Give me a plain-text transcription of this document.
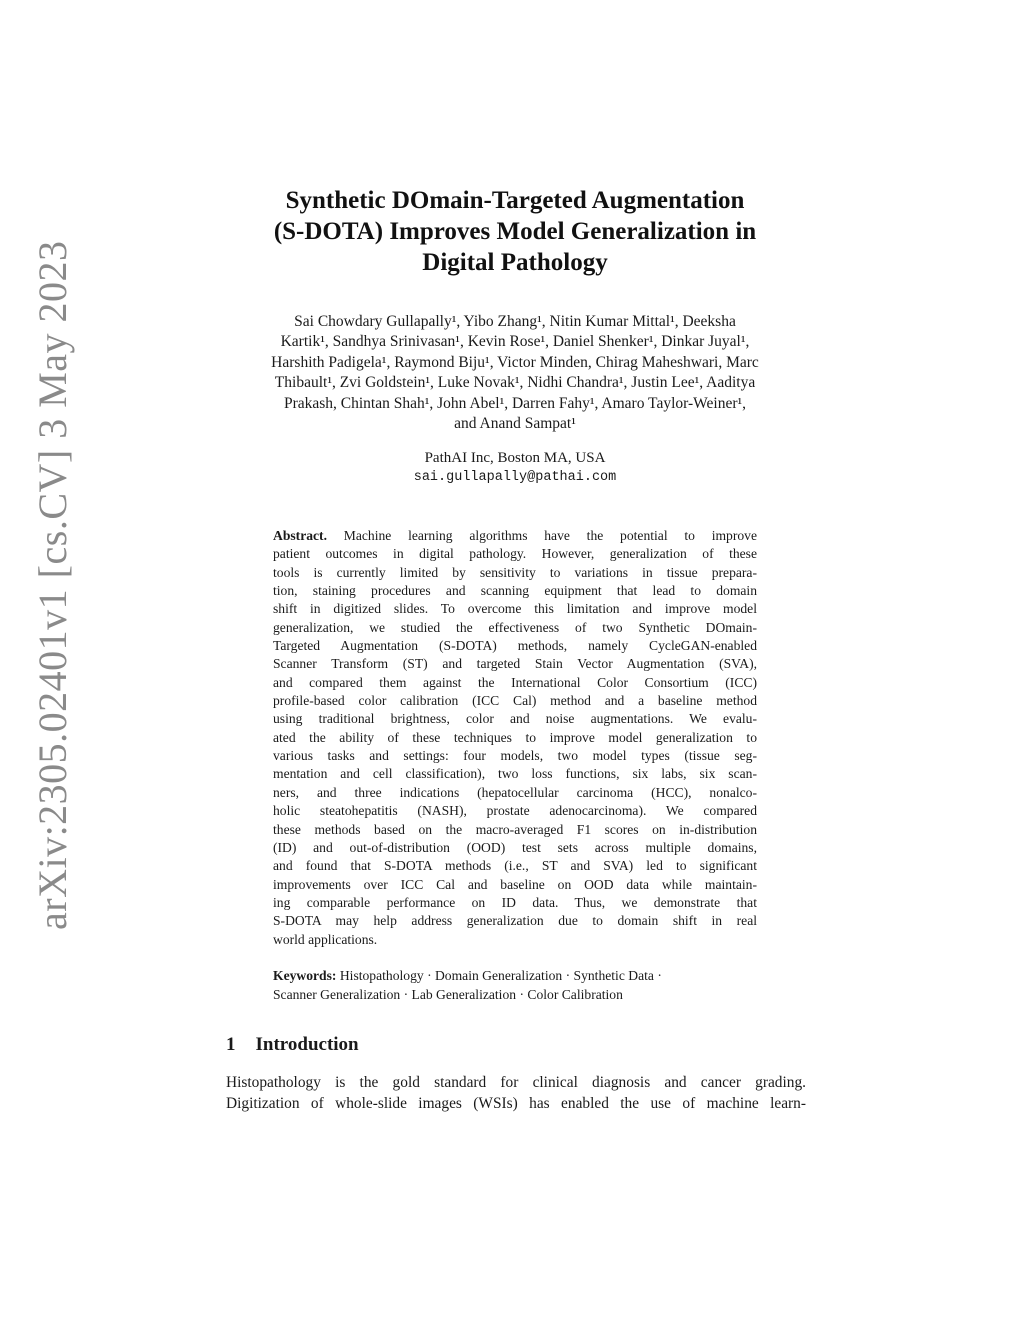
arXiv:2305.02401v1 [cs.CV] 3 May 2023
Synthetic DOmain-Targeted Augmentation
(S-DOTA) Improves Model Generalization in
Digital Pathology
Sai Chowdary Gullapally¹, Yibo Zhang¹, Nitin Kumar Mittal¹, Deeksha
Kartik¹, Sandhya Srinivasan¹, Kevin Rose¹, Daniel Shenker¹, Dinkar Juyal¹,
Harshith Padigela¹, Raymond Biju¹, Victor Minden, Chirag Maheshwari, Marc
Thibault¹, Zvi Goldstein¹, Luke Novak¹, Nidhi Chandra¹, Justin Lee¹, Aaditya
Prakash, Chintan Shah¹, John Abel¹, Darren Fahy¹, Amaro Taylor-Weiner¹,
and Anand Sampat¹
PathAI Inc, Boston MA, USA
sai.gullapally@pathai.com
Abstract. Machine learning algorithms have the potential to improve
patient outcomes in digital pathology. However, generalization of these
tools is currently limited by sensitivity to variations in tissue prepara-
tion, staining procedures and scanning equipment that lead to domain
shift in digitized slides. To overcome this limitation and improve model
generalization, we studied the effectiveness of two Synthetic DOmain-
Targeted Augmentation (S-DOTA) methods, namely CycleGAN-enabled
Scanner Transform (ST) and targeted Stain Vector Augmentation (SVA),
and compared them against the International Color Consortium (ICC)
profile-based color calibration (ICC Cal) method and a baseline method
using traditional brightness, color and noise augmentations. We evalu-
ated the ability of these techniques to improve model generalization to
various tasks and settings: four models, two model types (tissue seg-
mentation and cell classification), two loss functions, six labs, six scan-
ners, and three indications (hepatocellular carcinoma (HCC), nonalco-
holic steatohepatitis (NASH), prostate adenocarcinoma). We compared
these methods based on the macro-averaged F1 scores on in-distribution
(ID) and out-of-distribution (OOD) test sets across multiple domains,
and found that S-DOTA methods (i.e., ST and SVA) led to significant
improvements over ICC Cal and baseline on OOD data while maintain-
ing comparable performance on ID data. Thus, we demonstrate that
S-DOTA may help address generalization due to domain shift in real
world applications.
Keywords: Histopathology · Domain Generalization · Synthetic Data ·
Scanner Generalization · Lab Generalization · Color Calibration
1 Introduction
Histopathology is the gold standard for clinical diagnosis and cancer grading.
Digitization of whole-slide images (WSIs) has enabled the use of machine learn-
